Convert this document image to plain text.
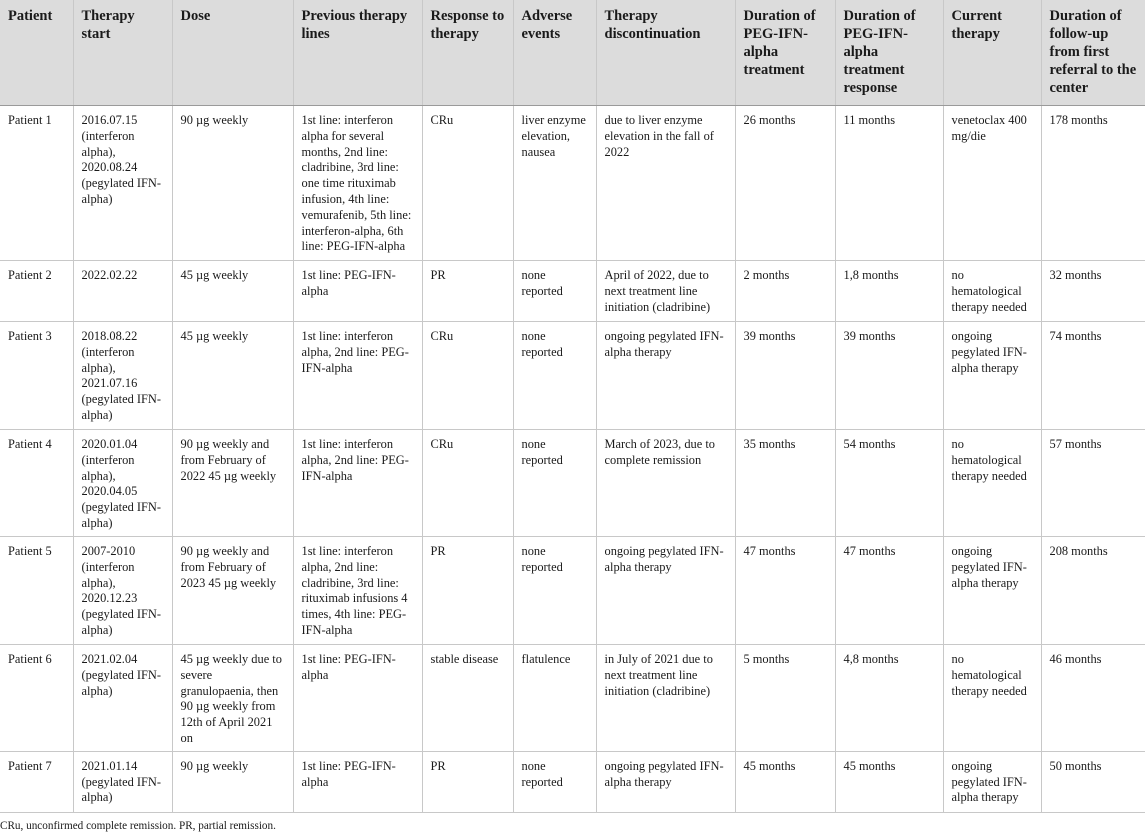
Patient	Therapy start	Dose	Previous therapy lines	Response to therapy	Adverse events	Therapy discontinuation	Duration of PEG-IFN-alpha treatment	Duration of PEG-IFN-alpha treatment response	Current therapy	Duration of follow-up from first referral to the center
Patient 1	2016.07.15 (interferon alpha), 2020.08.24 (pegylated IFN-alpha)	90 µg weekly	1st line: interferon alpha for several months, 2nd line: cladribine, 3rd line: one time rituximab infusion, 4th line: vemurafenib, 5th line: interferon-alpha, 6th line: PEG-IFN-alpha	CRu	liver enzyme elevation, nausea	due to liver enzyme elevation in the fall of 2022	26 months	11 months	venetoclax 400 mg/die	178 months
Patient 2	2022.02.22	45 µg weekly	1st line: PEG-IFN-alpha	PR	none reported	April of 2022, due to next treatment line initiation (cladribine)	2 months	1,8 months	no hematological therapy needed	32 months
Patient 3	2018.08.22 (interferon alpha), 2021.07.16 (pegylated IFN-alpha)	45 µg weekly	1st line: interferon alpha, 2nd line: PEG-IFN-alpha	CRu	none reported	ongoing pegylated IFN-alpha therapy	39 months	39 months	ongoing pegylated IFN-alpha therapy	74 months
Patient 4	2020.01.04 (interferon alpha), 2020.04.05 (pegylated IFN-alpha)	90 µg weekly and from February of 2022 45 µg weekly	1st line: interferon alpha, 2nd line: PEG-IFN-alpha	CRu	none reported	March of 2023, due to complete remission	35 months	54 months	no hematological therapy needed	57 months
Patient 5	2007-2010 (interferon alpha), 2020.12.23 (pegylated IFN-alpha)	90 µg weekly and from February of 2023 45 µg weekly	1st line: interferon alpha, 2nd line: cladribine, 3rd line: rituximab infusions 4 times, 4th line: PEG-IFN-alpha	PR	none reported	ongoing pegylated IFN-alpha therapy	47 months	47 months	ongoing pegylated IFN-alpha therapy	208 months
Patient 6	2021.02.04 (pegylated IFN-alpha)	45 µg weekly due to severe granulopaenia, then 90 µg weekly from 12th of April 2021 on	1st line: PEG-IFN-alpha	stable disease	flatulence	in July of 2021 due to next treatment line initiation (cladribine)	5 months	4,8 months	no hematological therapy needed	46 months
Patient 7	2021.01.14 (pegylated IFN-alpha)	90 µg weekly	1st line: PEG-IFN-alpha	PR	none reported	ongoing pegylated IFN-alpha therapy	45 months	45 months	ongoing pegylated IFN-alpha therapy	50 months
CRu, unconfirmed complete remission. PR, partial remission.
